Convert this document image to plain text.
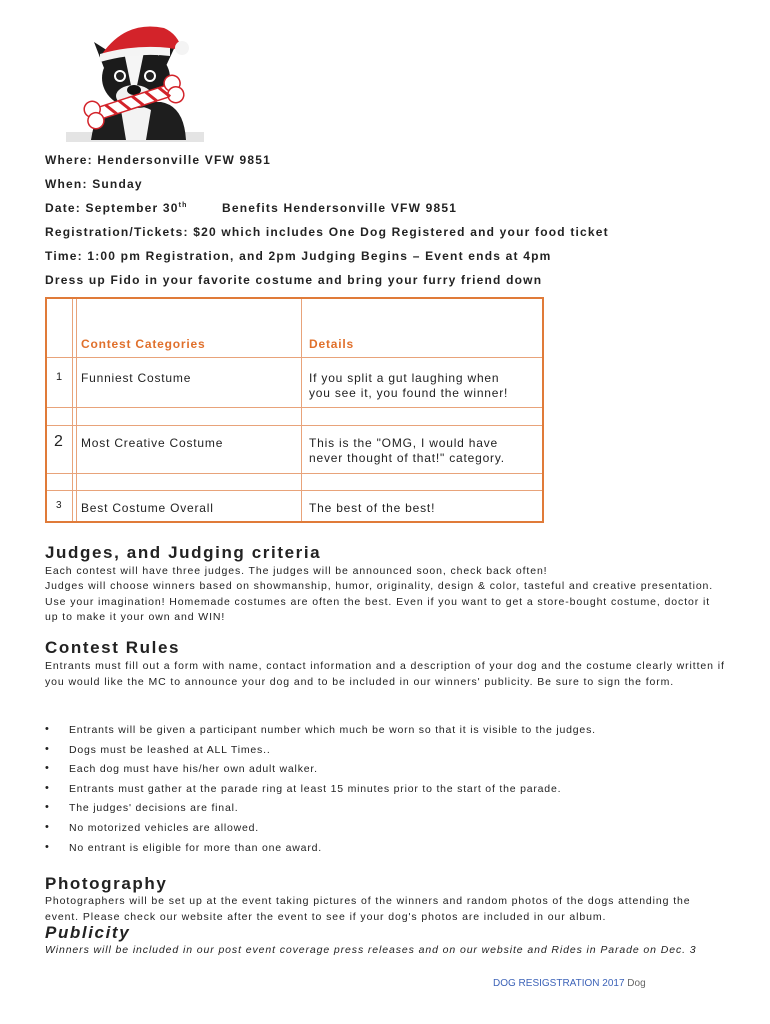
Where: Hendersonville VFW 9851
When: Sunday
Date: September 30th	Benefits Hendersonville VFW 9851
Registration/Tickets: $20 which includes One Dog Registered and your food ticket
Time: 1:00 pm Registration, and 2pm Judging Begins – Event ends at 4pm
Dress up Fido in your favorite costume and bring your furry friend down
Contest Categories	Details
1 Funniest Costume	If you split a gut laughing when
you see it, you found the winner!
2 Most Creative Costume	This is the "OMG, I would have
never thought of that!" category.
3 Best Costume Overall	The best of the best!
Judges, and Judging criteria

Each contest will have three judges. The judges will be announced soon, check back often!

Judges will choose winners based on showmanship, humor, originality, design & color, tasteful and creative presentation. Use your imagination! Homemade costumes are often the best. Even if you want to get a store-bought costume, doctor it up to make it your own and WIN!

Contest Rules

Entrants must fill out a form with name, contact information and a description of your dog and the costume clearly written if you would like the MC to announce your dog and to be included in our winners' publicity. Be sure to sign the form.

• Entrants will be given a participant number which much be worn so that it is visible to the judges.
• Dogs must be leashed at ALL Times..
• Each dog must have his/her own adult walker.
• Entrants must gather at the parade ring at least 15 minutes prior to the start of the parade.
• The judges' decisions are final.
• No motorized vehicles are allowed.
• No entrant is eligible for more than one award.
Photography

Photographers will be set up at the event taking pictures of the winners and random photos of the dogs attending the event. Please check our website after the event to see if your dog's photos are included in our album.

Publicity
Winners will be included in our post event coverage press releases and on our website and Rides in Parade on Dec. 3
DOG RESIGSTRATION 2017 Dog
